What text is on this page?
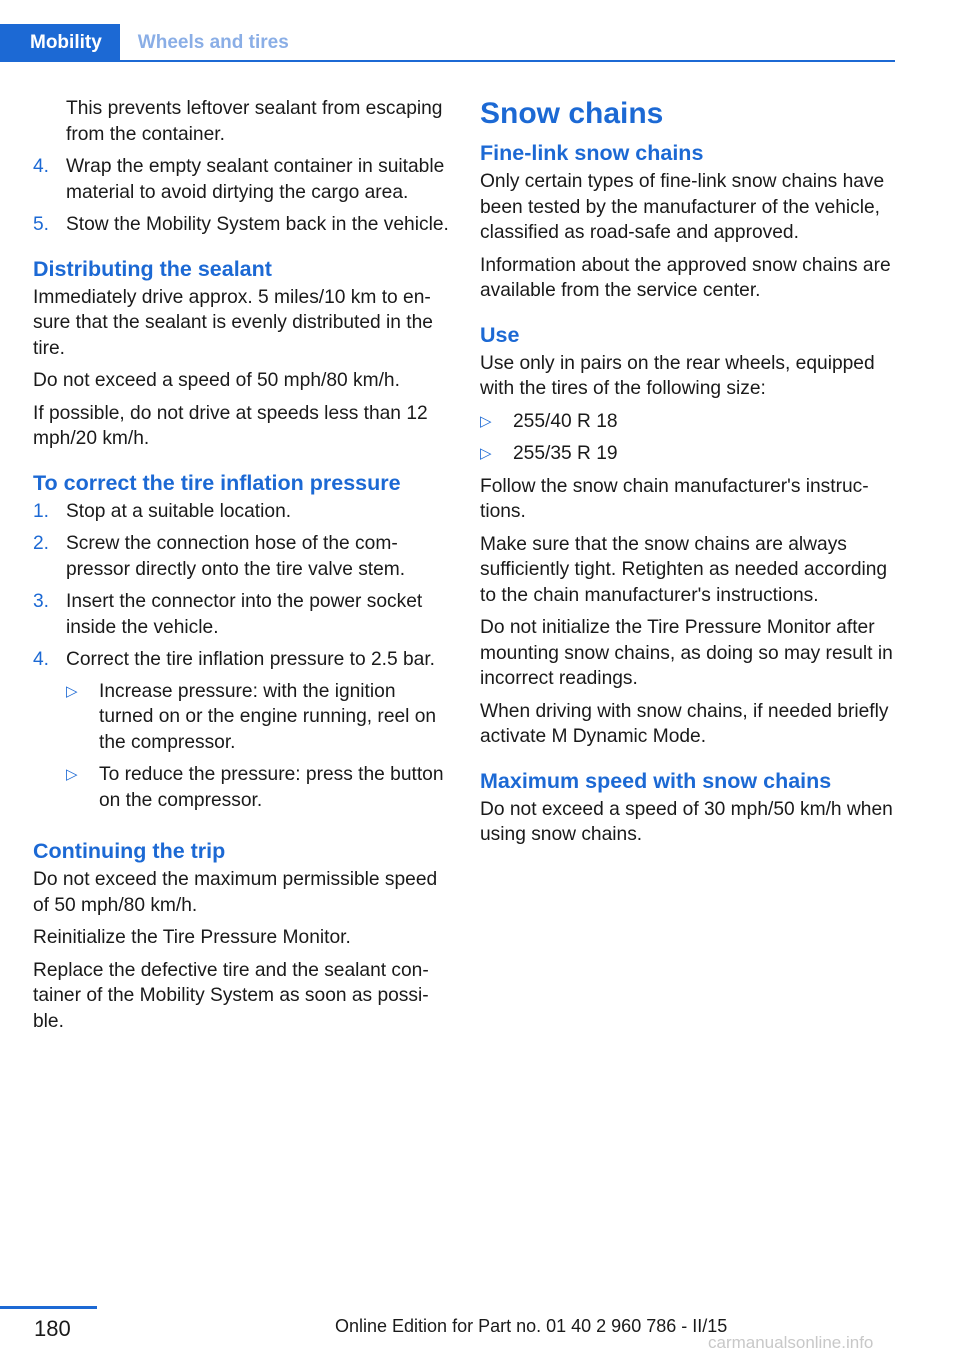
Mobility	Wheels and tires

This prevents leftover sealant from escaping from the container.

4. Wrap the empty sealant container in suitable material to avoid dirtying the cargo area.
5. Stow the Mobility System back in the vehicle.
Distributing the sealant

Immediately drive approx. 5 miles/10 km to ensure that the sealant is evenly distributed in the tire.

Do not exceed a speed of 50 mph/80 km/h.

If possible, do not drive at speeds less than 12 mph/20 km/h.

To correct the tire inflation pressure
1. Stop at a suitable location.
2. Screw the connection hose of the compressor directly onto the tire valve stem.
3. Insert the connector into the power socket inside the vehicle.
4. Correct the tire inflation pressure to 2.5 bar.
▷	Increase pressure: with the ignition turned on or the engine running, reel on the compressor.
▷	To reduce the pressure: press the button on the compressor.
Continuing the trip

Do not exceed the maximum permissible speed of 50 mph/80 km/h.

Reinitialize the Tire Pressure Monitor.

Replace the defective tire and the sealant container of the Mobility System as soon as possible.

Snow chains
Fine-link snow chains

Only certain types of fine-link snow chains have been tested by the manufacturer of the vehicle, classified as road-safe and approved.

Information about the approved snow chains are available from the service center.

Use

Use only in pairs on the rear wheels, equipped with the tires of the following size:

▷	255/40 R 18
▷	255/35 R 19

Follow the snow chain manufacturer's instructions.

Make sure that the snow chains are always sufficiently tight. Retighten as needed according to the chain manufacturer's instructions.

Do not initialize the Tire Pressure Monitor after mounting snow chains, as doing so may result in incorrect readings.

When driving with snow chains, if needed briefly activate M Dynamic Mode.

Maximum speed with snow chains

Do not exceed a speed of 30 mph/50 km/h when using snow chains.

180	Online Edition for Part no. 01 40 2 960 786 - II/15
carmanualsonline.info
